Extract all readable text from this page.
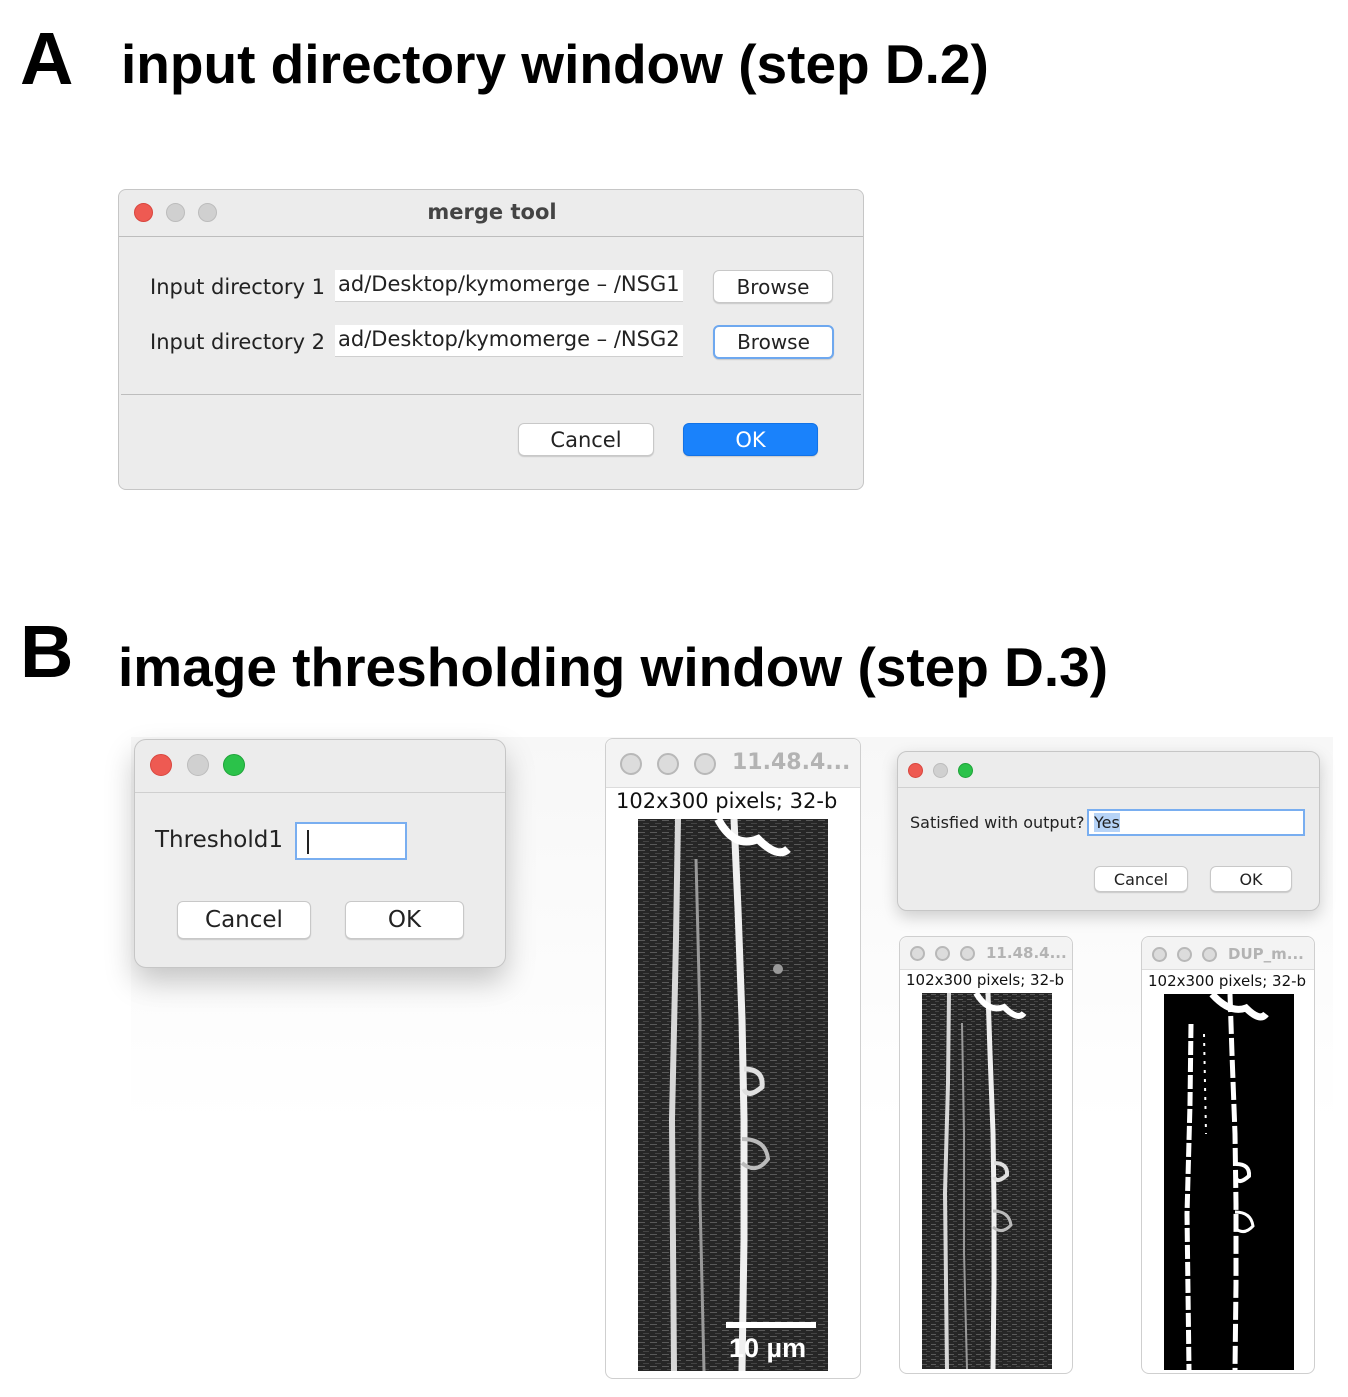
A input directory window (step D.2)
merge tool
Input directory 1 ad/Desktop/kymomerge – /NSG1	Browse
Input directory 2 ad/Desktop/kymomerge – /NSG2	Browse
Cancel	OK
B image thresholding window (step D.3)
Threshold1
Cancel	OK
11.48.4...
102x300 pixels; 32-b
10 µm
Satisfied with output? Yes
Cancel	OK
11.48.4...
102x300 pixels; 32-b
DUP_m...
102x300 pixels; 32-b
